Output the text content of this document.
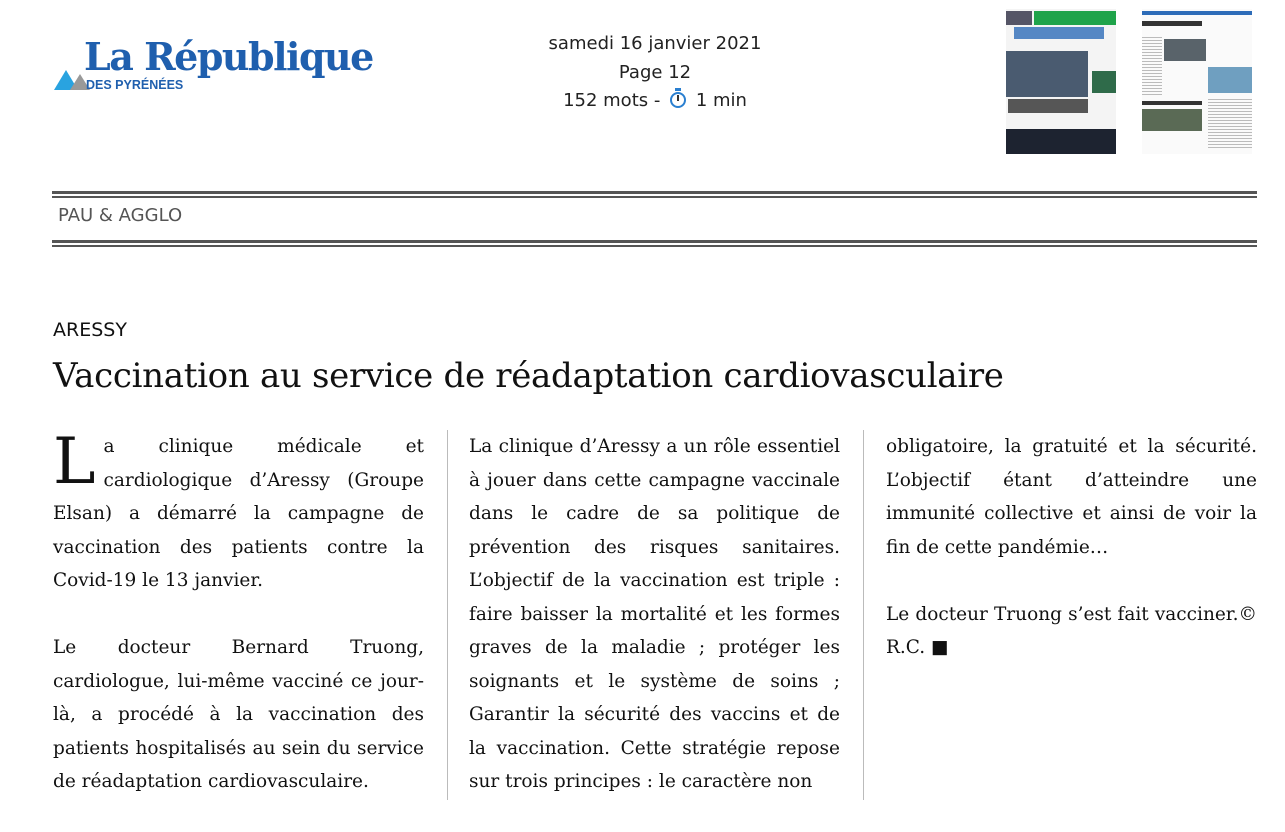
La République
DES PYRÉNÉES
samedi 16 janvier 2021
Page 12
152 mots - 1 min
PAU & AGGLO
ARESSY
Vaccination au service de réadaptation cardiovasculaire

La clinique médicale et cardiologique d’Aressy (Groupe Elsan) a démarré la campagne de vaccination des patients contre la Covid-19 le 13 janvier.

Le docteur Bernard Truong, cardiologue, lui-même vacciné ce jour-là, a procédé à la vaccination des patients hospitalisés au sein du service de réadaptation cardiovasculaire.

La clinique d’Aressy a un rôle essentiel à jouer dans cette campagne vaccinale dans le cadre de sa politique de prévention des risques sanitaires. L’objectif de la vaccination est triple : faire baisser la mortalité et les formes graves de la maladie ; protéger les soignants et le système de soins ; Garantir la sécurité des vaccins et de la vaccination. Cette stratégie repose sur trois principes : le caractère non

obligatoire, la gratuité et la sécurité. L’objectif étant d’atteindre une immunité collective et ainsi de voir la fin de cette pandémie…

Le docteur Truong s’est fait vacciner.© R.C. ■
